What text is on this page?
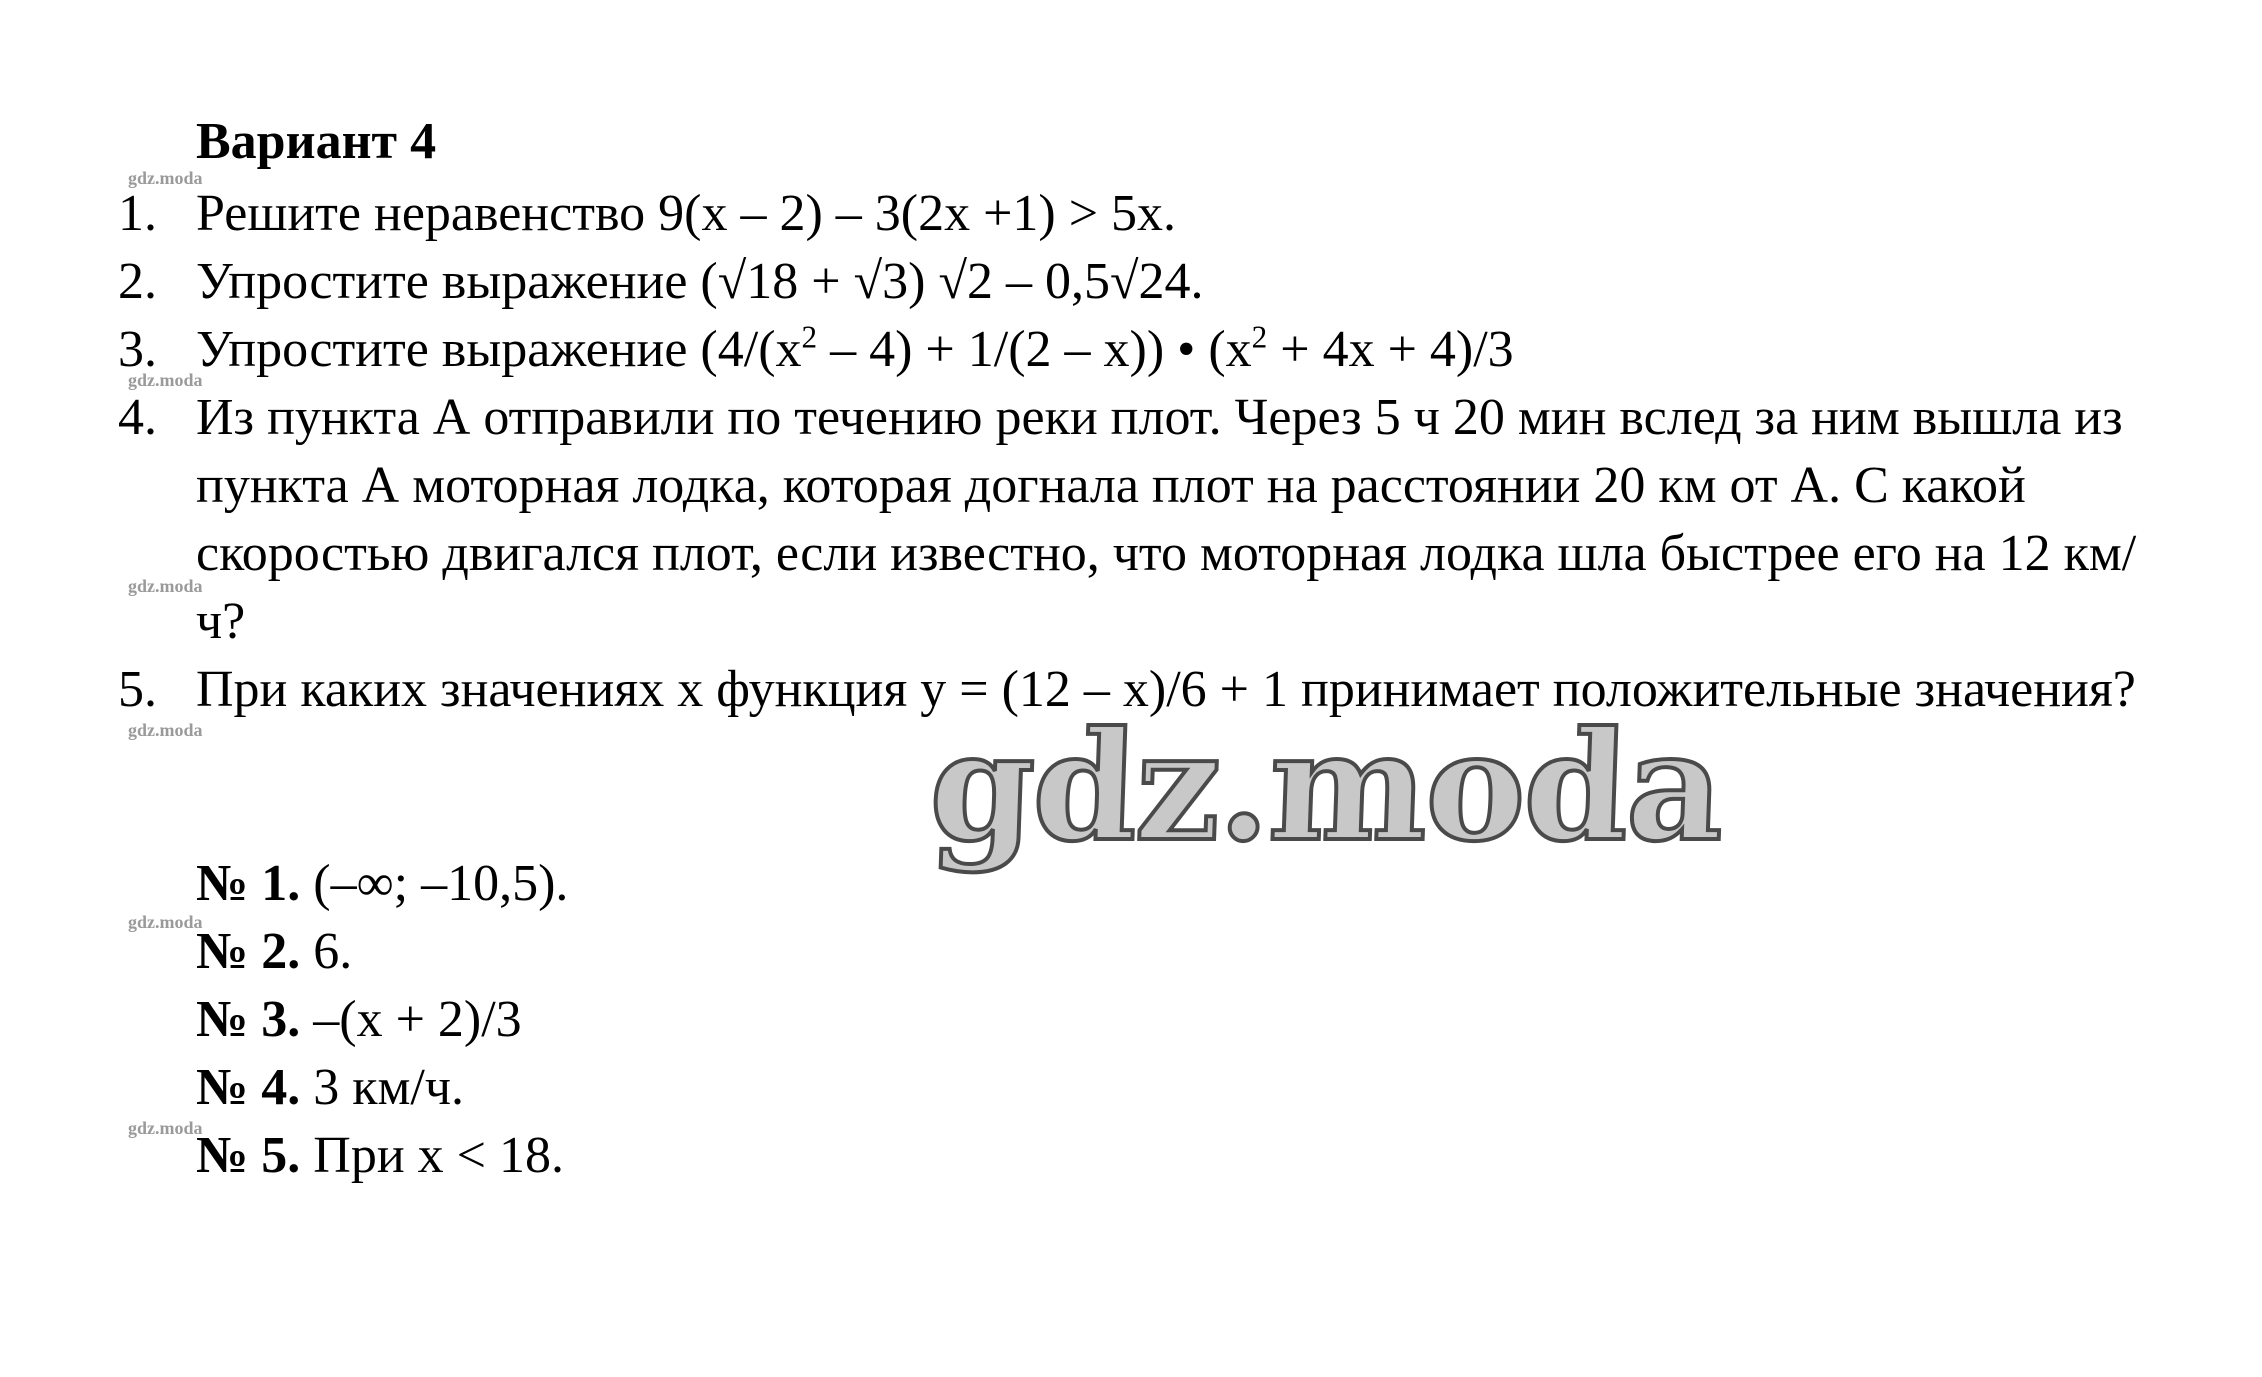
Вариант 4
1. Решите неравенство 9(x – 2) – 3(2x +1) > 5x.
2. Упростите выражение (√18 + √3) √2 – 0,5√24.
3. Упростите выражение $(4/(x^2 - 4) + 1/(2 - x))$ • $(x^2 + 4x + 4)/3$
4. Из пункта А отправили по течению реки плот. Через 5 ч 20 мин вслед за ним вышла из пункта А моторная лодка, которая догнала плот на расстоянии 20 км от А. С какой скоростью двигался плот, если известно, что моторная лодка шла быстрее его на 12 км/ч?
5. При каких значениях x функция y = (12 – x)/6 + 1 принимает положительные значения?
№ 1. (–∞; –10,5).
№ 2. 6.
№ 3. –(x + 2)/3
№ 4. 3 км/ч.
№ 5. При x < 18.
gdz.moda
gdz.moda
gdz.moda
gdz.moda
gdz.moda
gdz.moda
gdz.moda
